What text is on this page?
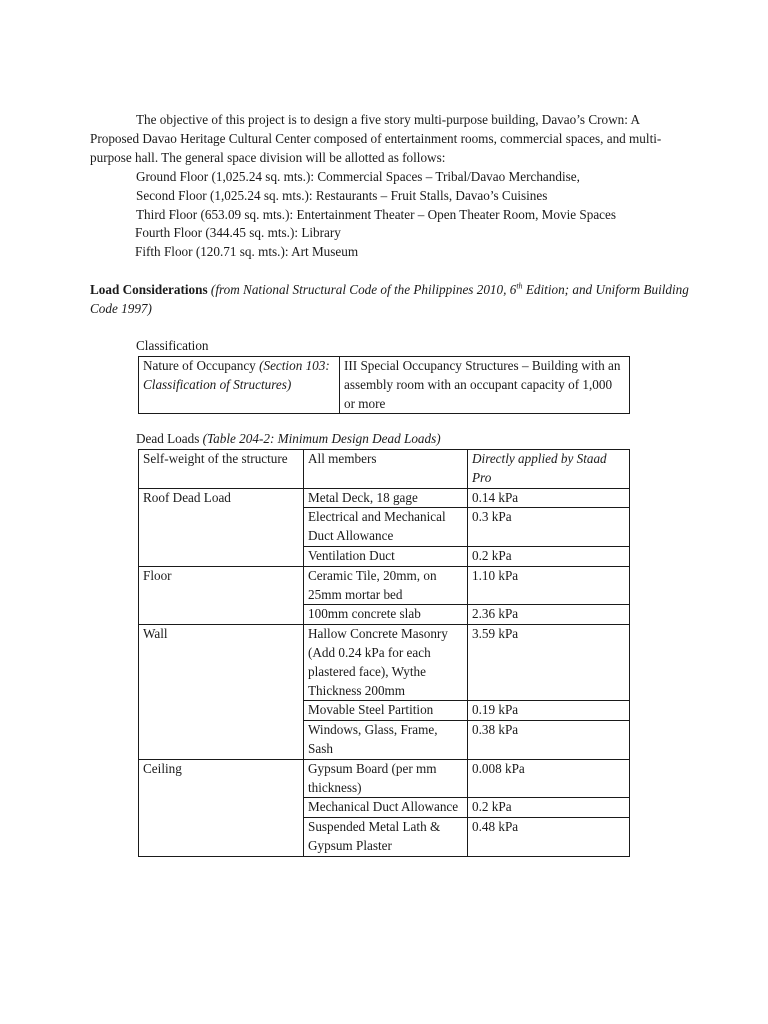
The objective of this project is to design a five story multi-purpose building, Davao’s Crown: A Proposed Davao Heritage Cultural Center composed of entertainment rooms, commercial spaces, and multi-purpose hall. The general space division will be allotted as follows:

Ground Floor (1,025.24 sq. mts.): Commercial Spaces – Tribal/Davao Merchandise,
Second Floor (1,025.24 sq. mts.): Restaurants – Fruit Stalls, Davao’s Cuisines
Third Floor (653.09 sq. mts.): Entertainment Theater – Open Theater Room, Movie Spaces
Fourth Floor (344.45 sq. mts.): Library
Fifth Floor (120.71 sq. mts.): Art Museum

Load Considerations (from National Structural Code of the Philippines 2010, 6th Edition; and Uniform Building Code 1997)

Classification

Nature of Occupancy (Section 103: Classification of Structures)	III Special Occupancy Structures – Building with an assembly room with an occupant capacity of 1,000 or more

Dead Loads (Table 204-2: Minimum Design Dead Loads)

Self-weight of the structure	All members	Directly applied by Staad Pro
Roof Dead Load	Metal Deck, 18 gage	0.14 kPa
	Electrical and Mechanical Duct Allowance	0.3 kPa
	Ventilation Duct	0.2 kPa
Floor	Ceramic Tile, 20mm, on 25mm mortar bed	1.10 kPa
	100mm concrete slab	2.36 kPa
Wall	Hallow Concrete Masonry (Add 0.24 kPa for each plastered face), Wythe Thickness 200mm	3.59 kPa
	Movable Steel Partition	0.19 kPa
	Windows, Glass, Frame, Sash	0.38 kPa
Ceiling	Gypsum Board (per mm thickness)	0.008 kPa
	Mechanical Duct Allowance	0.2 kPa
	Suspended Metal Lath & Gypsum Plaster	0.48 kPa
